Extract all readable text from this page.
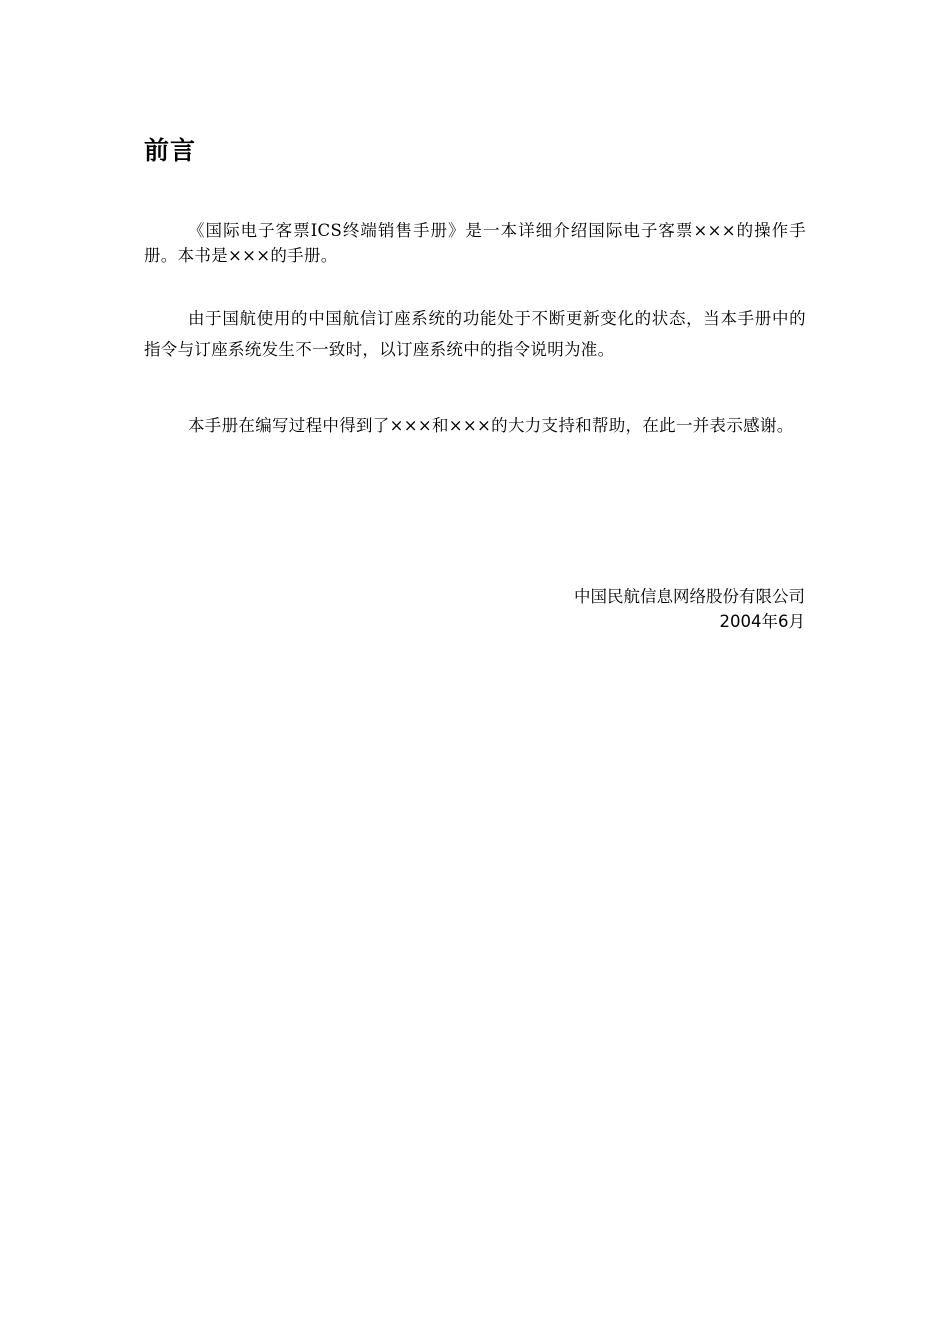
前言

《国际电子客票ICS终端销售手册》是一本详细介绍国际电子客票×××的操作手册。本书是×××的手册。

由于国航使用的中国航信订座系统的功能处于不断更新变化的状态，当本手册中的指令与订座系统发生不一致时，以订座系统中的指令说明为准。

本手册在编写过程中得到了×××和×××的大力支持和帮助，在此一并表示感谢。

中国民航信息网络股份有限公司
2004年6月
